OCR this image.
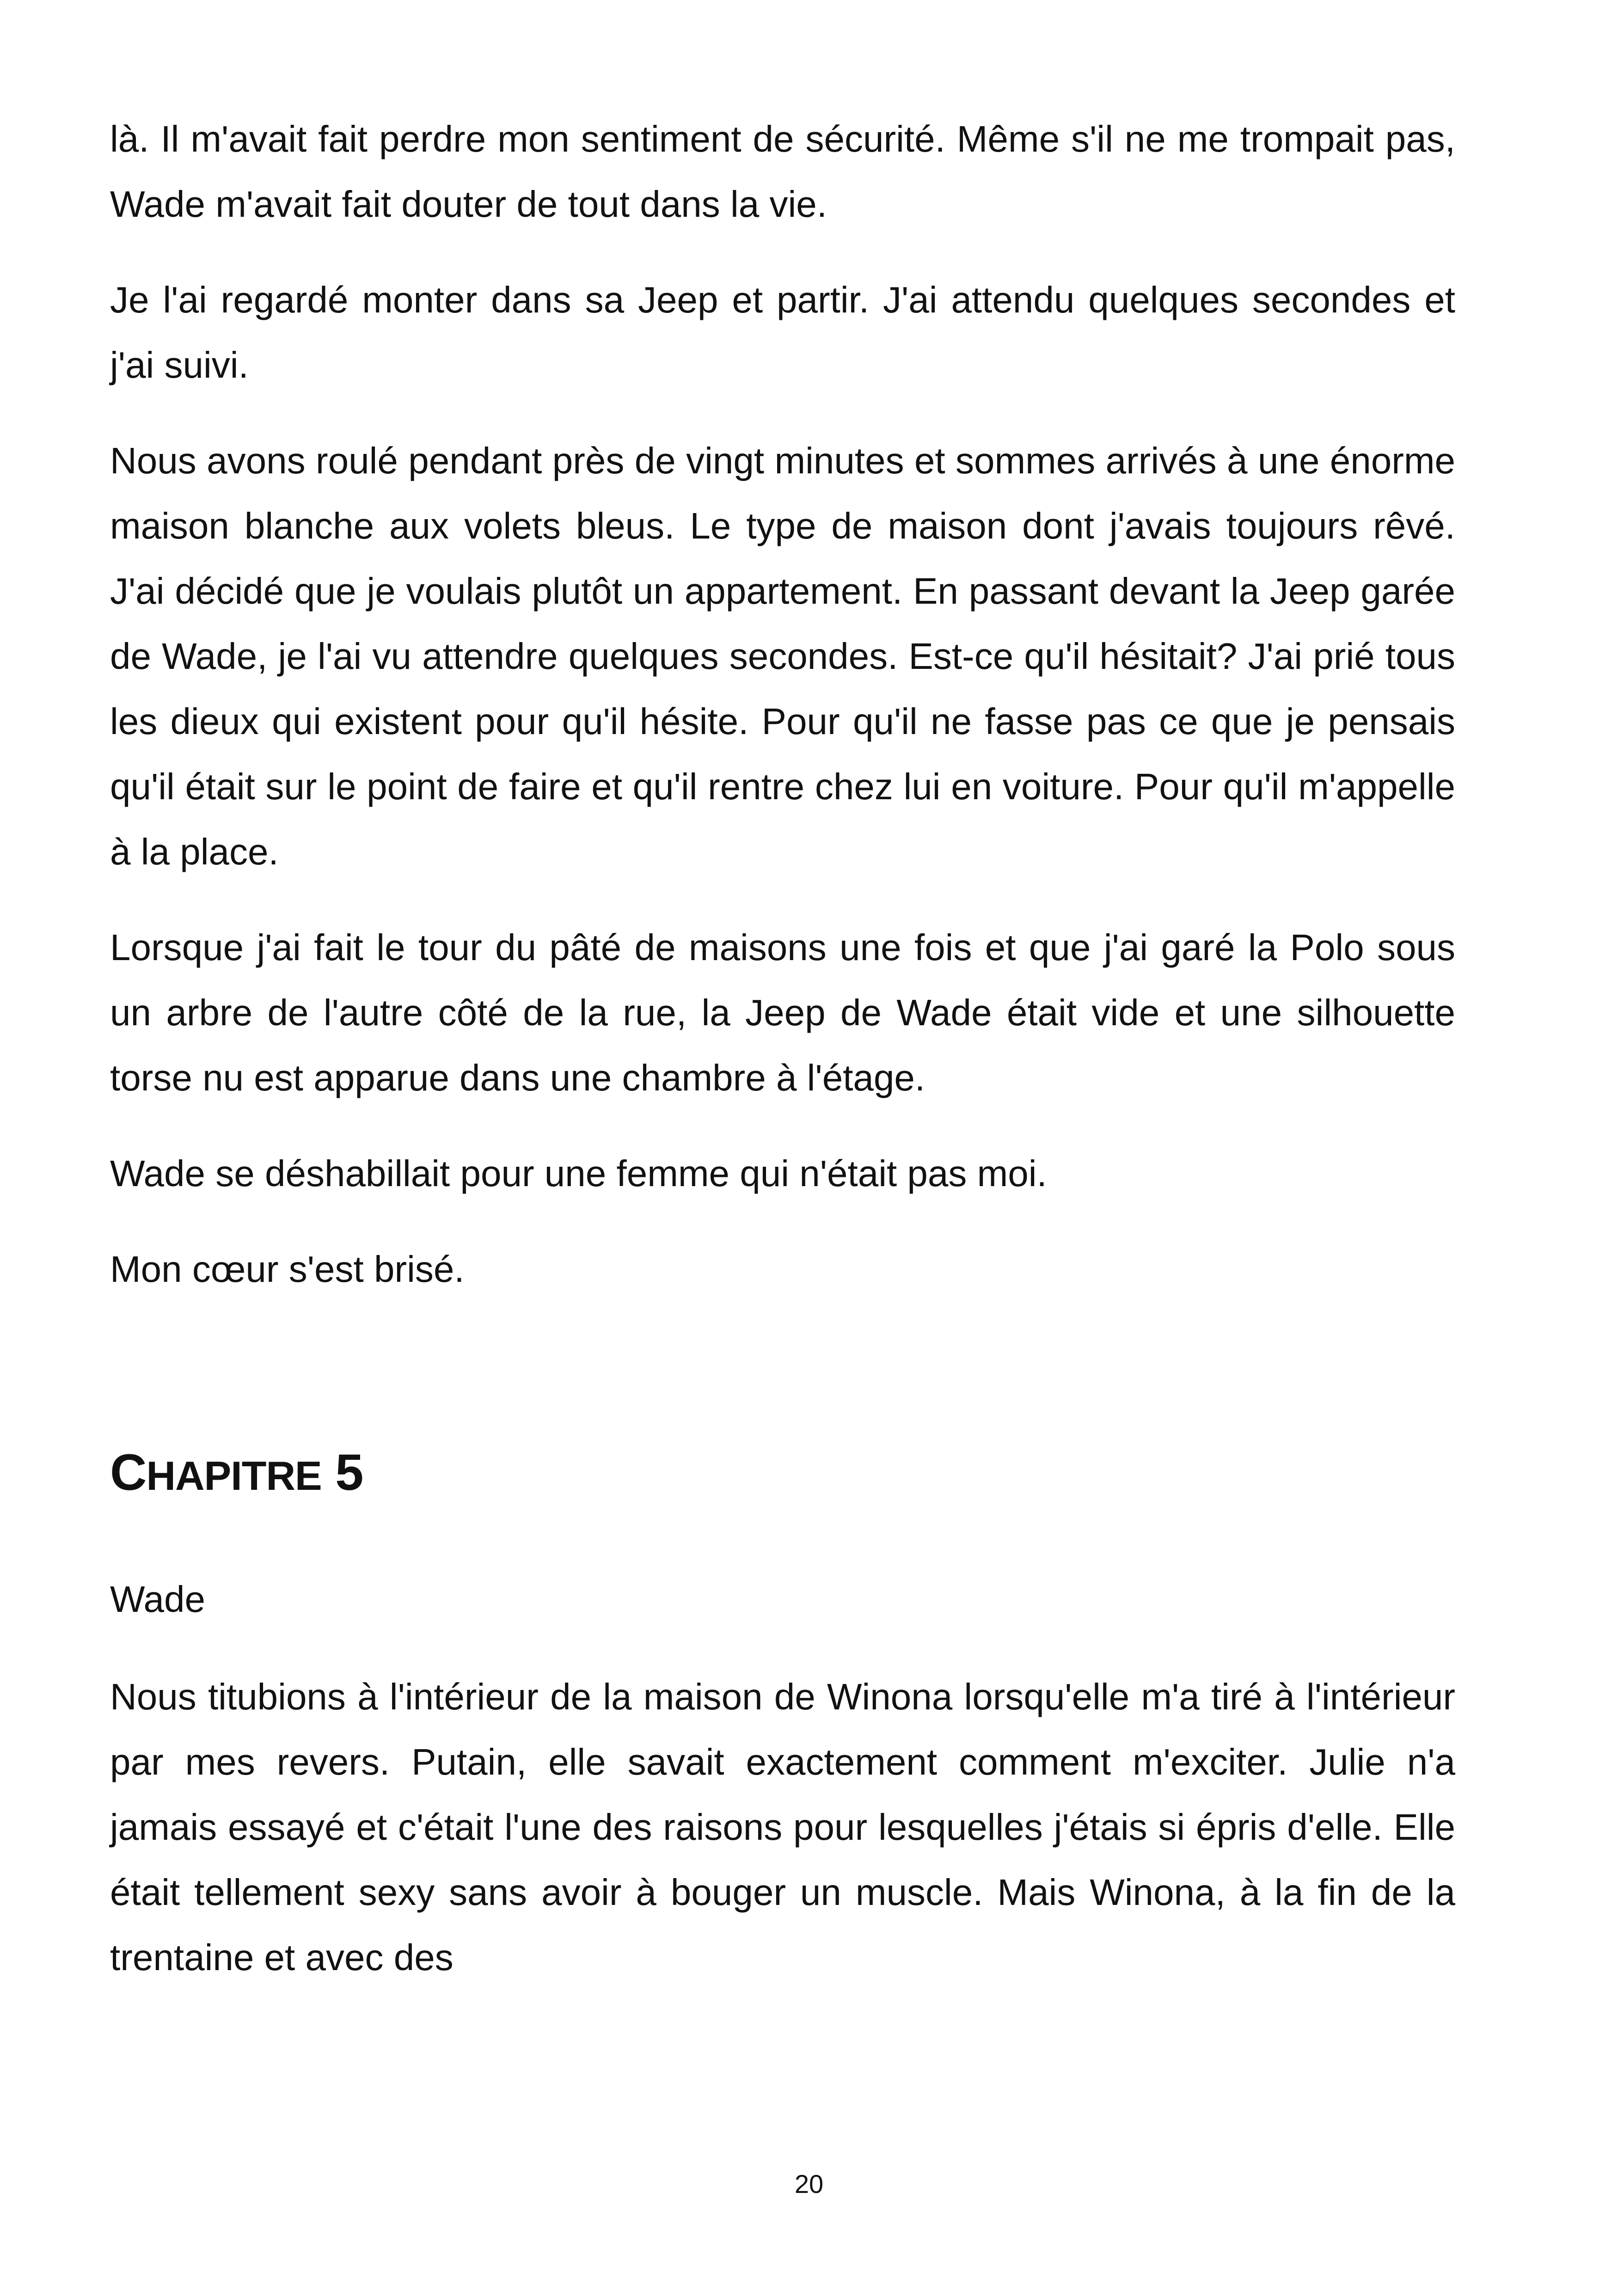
là. Il m'avait fait perdre mon sentiment de sécurité. Même s'il ne me trompait pas, Wade m'avait fait douter de tout dans la vie.

Je l'ai regardé monter dans sa Jeep et partir. J'ai attendu quelques secondes et j'ai suivi.

Nous avons roulé pendant près de vingt minutes et sommes arrivés à une énorme maison blanche aux volets bleus. Le type de maison dont j'avais toujours rêvé. J'ai décidé que je voulais plutôt un appartement. En passant devant la Jeep garée de Wade, je l'ai vu attendre quelques secondes. Est-ce qu'il hésitait? J'ai prié tous les dieux qui existent pour qu'il hésite. Pour qu'il ne fasse pas ce que je pensais qu'il était sur le point de faire et qu'il rentre chez lui en voiture. Pour qu'il m'appelle à la place.

Lorsque j'ai fait le tour du pâté de maisons une fois et que j'ai garé la Polo sous un arbre de l'autre côté de la rue, la Jeep de Wade était vide et une silhouette torse nu est apparue dans une chambre à l'étage.

Wade se déshabillait pour une femme qui n'était pas moi.

Mon cœur s'est brisé.

CHAPITRE 5

Wade

Nous titubions à l'intérieur de la maison de Winona lorsqu'elle m'a tiré à l'intérieur par mes revers. Putain, elle savait exactement comment m'exciter. Julie n'a jamais essayé et c'était l'une des raisons pour lesquelles j'étais si épris d'elle. Elle était tellement sexy sans avoir à bouger un muscle. Mais Winona, à la fin de la trentaine et avec des

20
